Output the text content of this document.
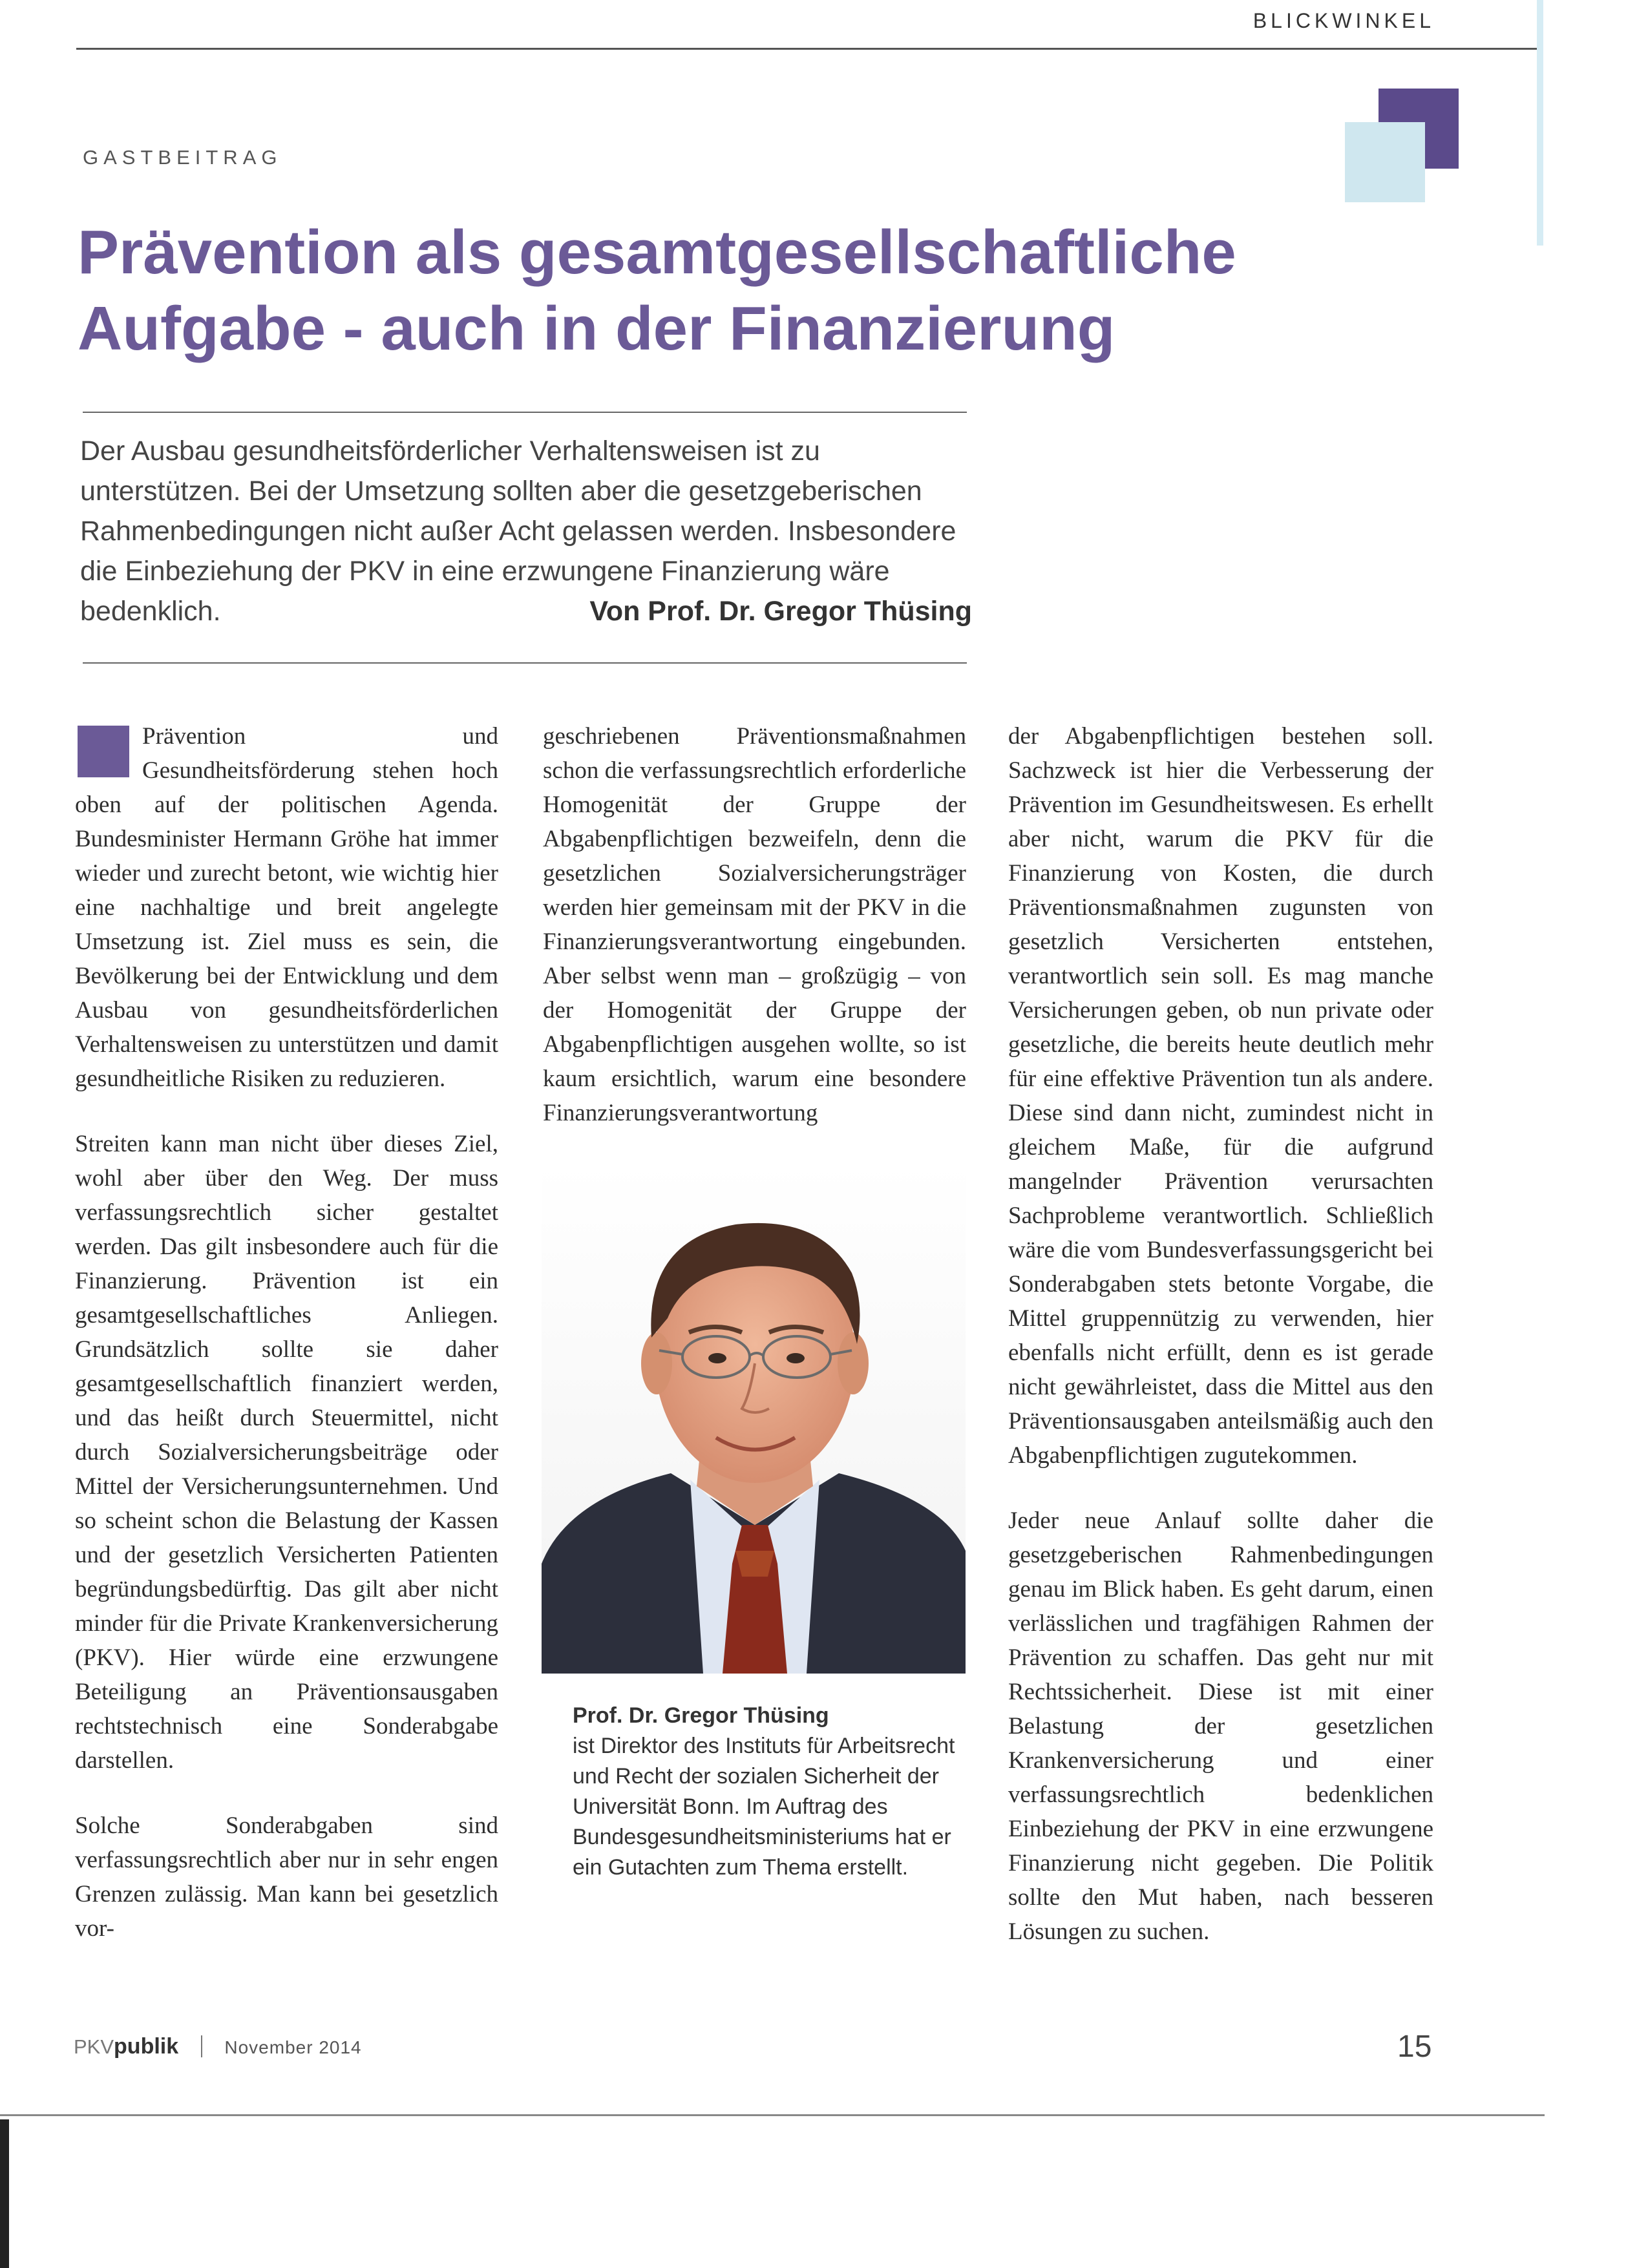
BLICKWINKEL
GASTBEITRAG
Prävention als gesamtgesellschaftliche
Aufgabe - auch in der Finanzierung

Der Ausbau gesundheitsförderlicher Verhaltensweisen ist zu unterstützen. Bei der Umsetzung sollten aber die gesetzgeberischen Rahmenbedingungen nicht außer Acht gelassen werden. Insbesondere die Einbeziehung der PKV in eine erzwungene Finanzierung wäre bedenklich.	Von Prof. Dr. Gregor Thüsing

Prävention und Gesundheitsförderung stehen hoch oben auf der politischen Agenda. Bundesminister Hermann Gröhe hat immer wieder und zurecht betont, wie wichtig hier eine nachhaltige und breit angelegte Umsetzung ist. Ziel muss es sein, die Bevölkerung bei der Entwicklung und dem Ausbau von gesundheitsförderlichen Verhaltensweisen zu unterstützen und damit gesundheitliche Risiken zu reduzieren.

Streiten kann man nicht über dieses Ziel, wohl aber über den Weg. Der muss verfassungsrechtlich sicher gestaltet werden. Das gilt insbesondere auch für die Finanzierung. Prävention ist ein gesamtgesellschaftliches Anliegen. Grundsätzlich sollte sie daher gesamtgesellschaftlich finanziert werden, und das heißt durch Steuermittel, nicht durch Sozialversicherungsbeiträge oder Mittel der Versicherungsunternehmen. Und so scheint schon die Belastung der Kassen und der gesetzlich Versicherten Patienten begründungsbedürftig. Das gilt aber nicht minder für die Private Krankenversicherung (PKV). Hier würde eine erzwungene Beteiligung an Präventionsausgaben rechtstechnisch eine Sonderabgabe darstellen.

Solche Sonderabgaben sind verfassungsrechtlich aber nur in sehr engen Grenzen zulässig. Man kann bei gesetzlich vor-

geschriebenen Präventionsmaßnahmen schon die verfassungsrechtlich erforderliche Homogenität der Gruppe der Abgabenpflichtigen bezweifeln, denn die gesetzlichen Sozialversicherungsträger werden hier gemeinsam mit der PKV in die Finanzierungsverantwortung eingebunden. Aber selbst wenn man – großzügig – von der Homogenität der Gruppe der Abgabenpflichtigen ausgehen wollte, so ist kaum ersichtlich, warum eine besondere Finanzierungsverantwortung

Prof. Dr. Gregor Thüsing
ist Direktor des Instituts für Arbeitsrecht und Recht der sozialen Sicherheit der Universität Bonn. Im Auftrag des Bundesgesundheitsministeriums hat er ein Gutachten zum Thema erstellt.

der Abgabenpflichtigen bestehen soll. Sachzweck ist hier die Verbesserung der Prävention im Gesundheitswesen. Es erhellt aber nicht, warum die PKV für die Finanzierung von Kosten, die durch Präventionsmaßnahmen zugunsten von gesetzlich Versicherten entstehen, verantwortlich sein soll. Es mag manche Versicherungen geben, ob nun private oder gesetzliche, die bereits heute deutlich mehr für eine effektive Prävention tun als andere. Diese sind dann nicht, zumindest nicht in gleichem Maße, für die aufgrund mangelnder Prävention verursachten Sachprobleme verantwortlich. Schließlich wäre die vom Bundesverfassungsgericht bei Sonderabgaben stets betonte Vorgabe, die Mittel gruppennützig zu verwenden, hier ebenfalls nicht erfüllt, denn es ist gerade nicht gewährleistet, dass die Mittel aus den Präventionsausgaben anteilsmäßig auch den Abgabenpflichtigen zugutekommen.

Jeder neue Anlauf sollte daher die gesetzgeberischen Rahmenbedingungen genau im Blick haben. Es geht darum, einen verlässlichen und tragfähigen Rahmen der Prävention zu schaffen. Das geht nur mit Rechtssicherheit. Diese ist mit einer Belastung der gesetzlichen Krankenversicherung und einer verfassungsrechtlich bedenklichen Einbeziehung der PKV in eine erzwungene Finanzierung nicht gegeben. Die Politik sollte den Mut haben, nach besseren Lösungen zu suchen.

PKVpublik	November 2014	15
